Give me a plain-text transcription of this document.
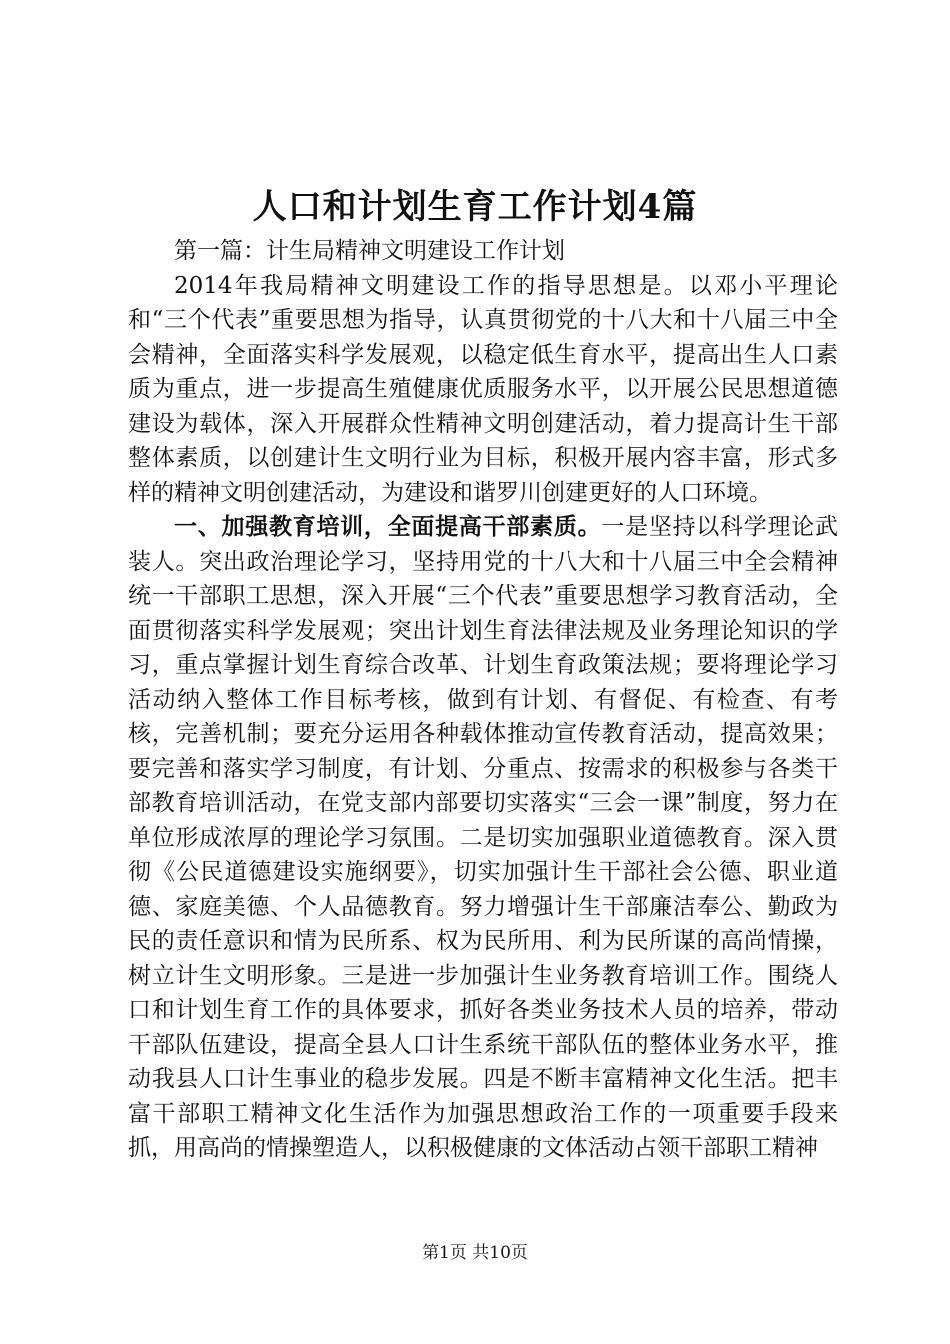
人口和计划生育工作计划4篇

第一篇：计生局精神文明建设工作计划

2014年我局精神文明建设工作的指导思想是。以邓小平理论和“三个代表”重要思想为指导，认真贯彻党的十八大和十八届三中全会精神，全面落实科学发展观，以稳定低生育水平，提高出生人口素质为重点，进一步提高生殖健康优质服务水平，以开展公民思想道德建设为载体，深入开展群众性精神文明创建活动，着力提高计生干部整体素质，以创建计生文明行业为目标，积极开展内容丰富，形式多样的精神文明创建活动，为建设和谐罗川创建更好的人口环境。

一、加强教育培训，全面提高干部素质。一是坚持以科学理论武装人。突出政治理论学习，坚持用党的十八大和十八届三中全会精神统一干部职工思想，深入开展“三个代表”重要思想学习教育活动，全面贯彻落实科学发展观；突出计划生育法律法规及业务理论知识的学习，重点掌握计划生育综合改革、计划生育政策法规；要将理论学习活动纳入整体工作目标考核，做到有计划、有督促、有检查、有考核，完善机制；要充分运用各种载体推动宣传教育活动，提高效果；要完善和落实学习制度，有计划、分重点、按需求的积极参与各类干部教育培训活动，在党支部内部要切实落实“三会一课”制度，努力在单位形成浓厚的理论学习氛围。二是切实加强职业道德教育。深入贯彻《公民道德建设实施纲要》，切实加强计生干部社会公德、职业道德、家庭美德、个人品德教育。努力增强计生干部廉洁奉公、勤政为民的责任意识和情为民所系、权为民所用、利为民所谋的高尚情操，树立计生文明形象。三是进一步加强计生业务教育培训工作。围绕人口和计划生育工作的具体要求，抓好各类业务技术人员的培养，带动干部队伍建设，提高全县人口计生系统干部队伍的整体业务水平，推动我县人口计生事业的稳步发展。四是不断丰富精神文化生活。把丰富干部职工精神文化生活作为加强思想政治工作的一项重要手段来抓，用高尚的情操塑造人，以积极健康的文体活动占领干部职工精神

第1页 共10页
